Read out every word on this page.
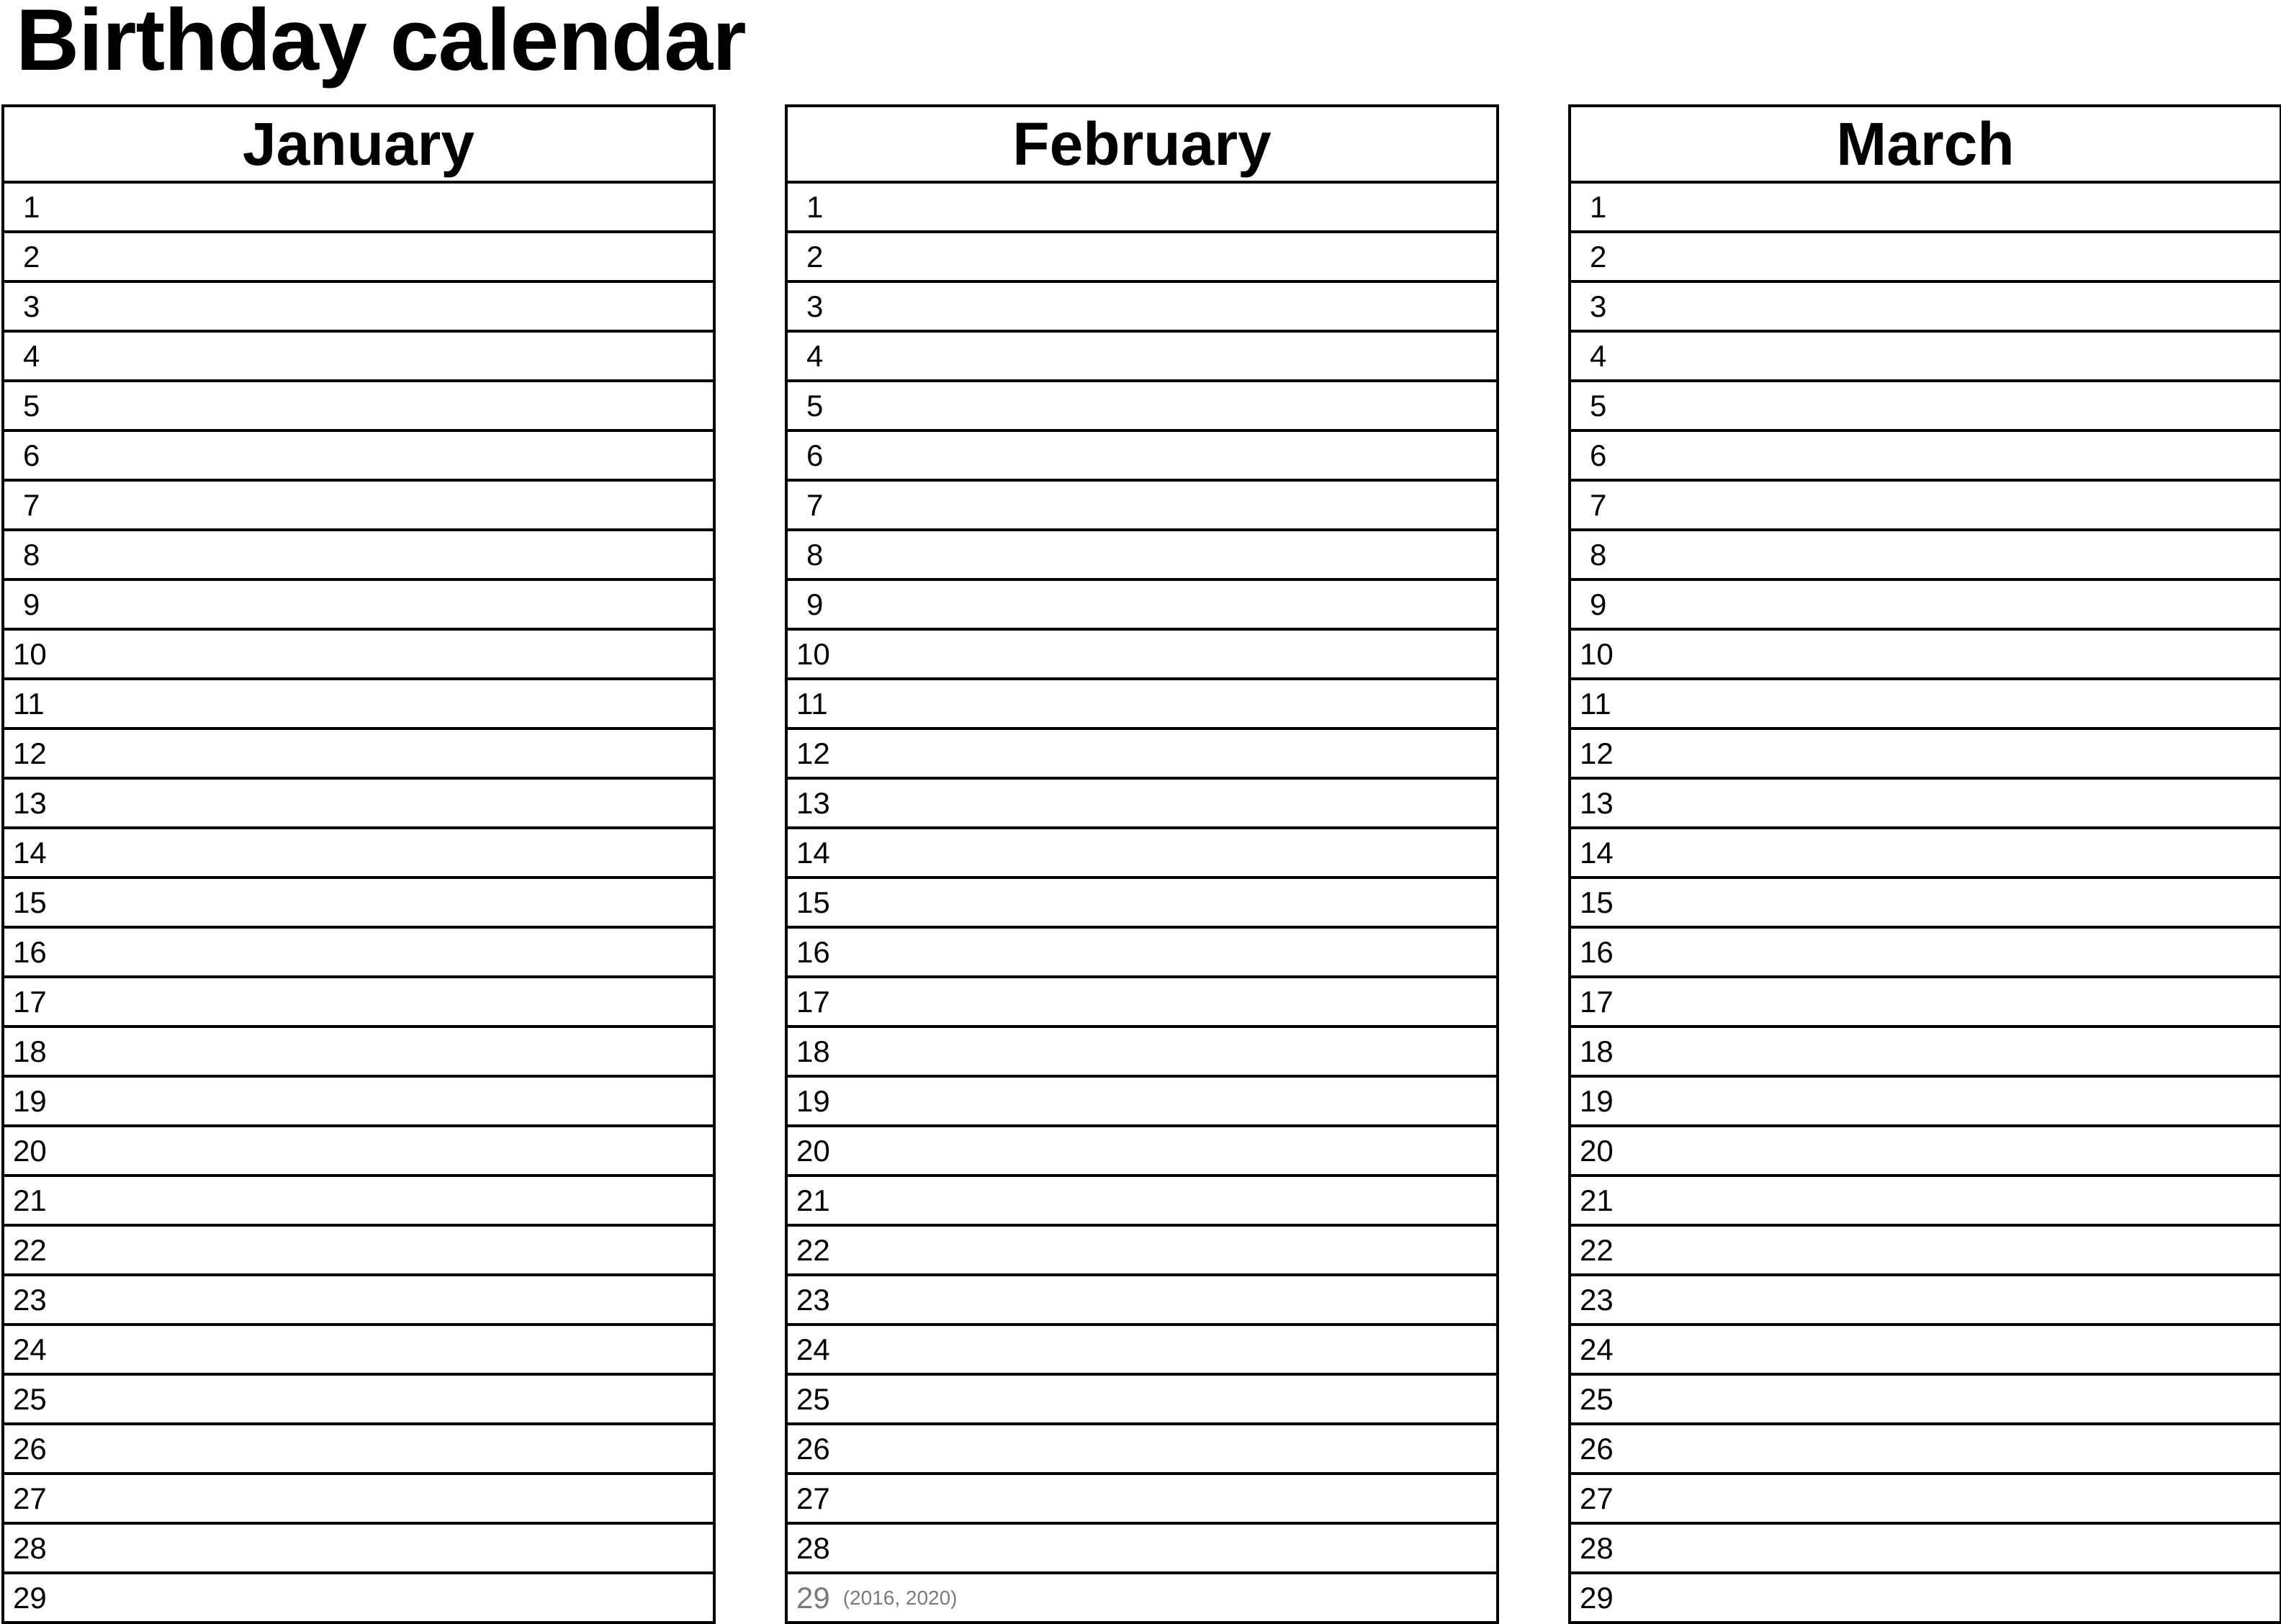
Birthday calendar
January
1
2
3
4
5
6
7
8
9
10
11
12
13
14
15
16
17
18
19
20
21
22
23
24
25
26
27
28
29
February
1
2
3
4
5
6
7
8
9
10
11
12
13
14
15
16
17
18
19
20
21
22
23
24
25
26
27
28
29 (2016, 2020)
March
1
2
3
4
5
6
7
8
9
10
11
12
13
14
15
16
17
18
19
20
21
22
23
24
25
26
27
28
29
